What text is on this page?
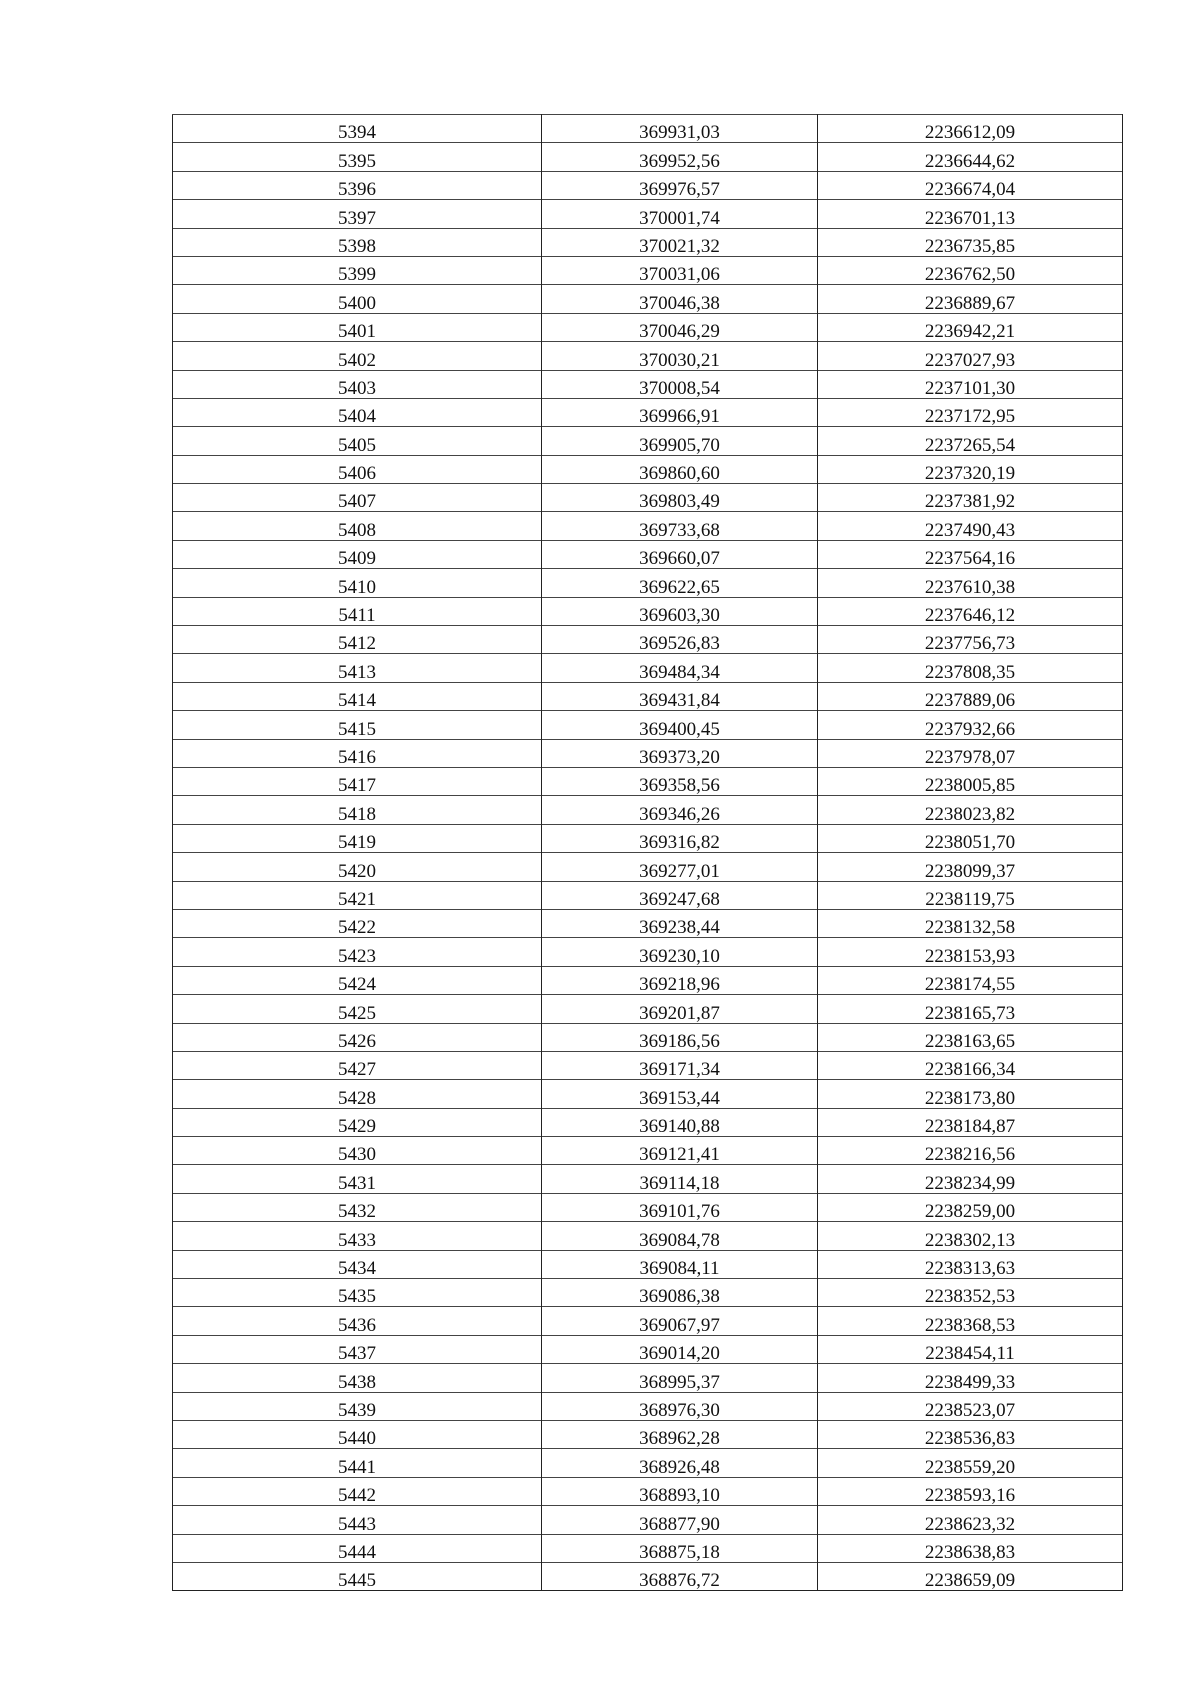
5394	369931,03	2236612,09
5395	369952,56	2236644,62
5396	369976,57	2236674,04
5397	370001,74	2236701,13
5398	370021,32	2236735,85
5399	370031,06	2236762,50
5400	370046,38	2236889,67
5401	370046,29	2236942,21
5402	370030,21	2237027,93
5403	370008,54	2237101,30
5404	369966,91	2237172,95
5405	369905,70	2237265,54
5406	369860,60	2237320,19
5407	369803,49	2237381,92
5408	369733,68	2237490,43
5409	369660,07	2237564,16
5410	369622,65	2237610,38
5411	369603,30	2237646,12
5412	369526,83	2237756,73
5413	369484,34	2237808,35
5414	369431,84	2237889,06
5415	369400,45	2237932,66
5416	369373,20	2237978,07
5417	369358,56	2238005,85
5418	369346,26	2238023,82
5419	369316,82	2238051,70
5420	369277,01	2238099,37
5421	369247,68	2238119,75
5422	369238,44	2238132,58
5423	369230,10	2238153,93
5424	369218,96	2238174,55
5425	369201,87	2238165,73
5426	369186,56	2238163,65
5427	369171,34	2238166,34
5428	369153,44	2238173,80
5429	369140,88	2238184,87
5430	369121,41	2238216,56
5431	369114,18	2238234,99
5432	369101,76	2238259,00
5433	369084,78	2238302,13
5434	369084,11	2238313,63
5435	369086,38	2238352,53
5436	369067,97	2238368,53
5437	369014,20	2238454,11
5438	368995,37	2238499,33
5439	368976,30	2238523,07
5440	368962,28	2238536,83
5441	368926,48	2238559,20
5442	368893,10	2238593,16
5443	368877,90	2238623,32
5444	368875,18	2238638,83
5445	368876,72	2238659,09
